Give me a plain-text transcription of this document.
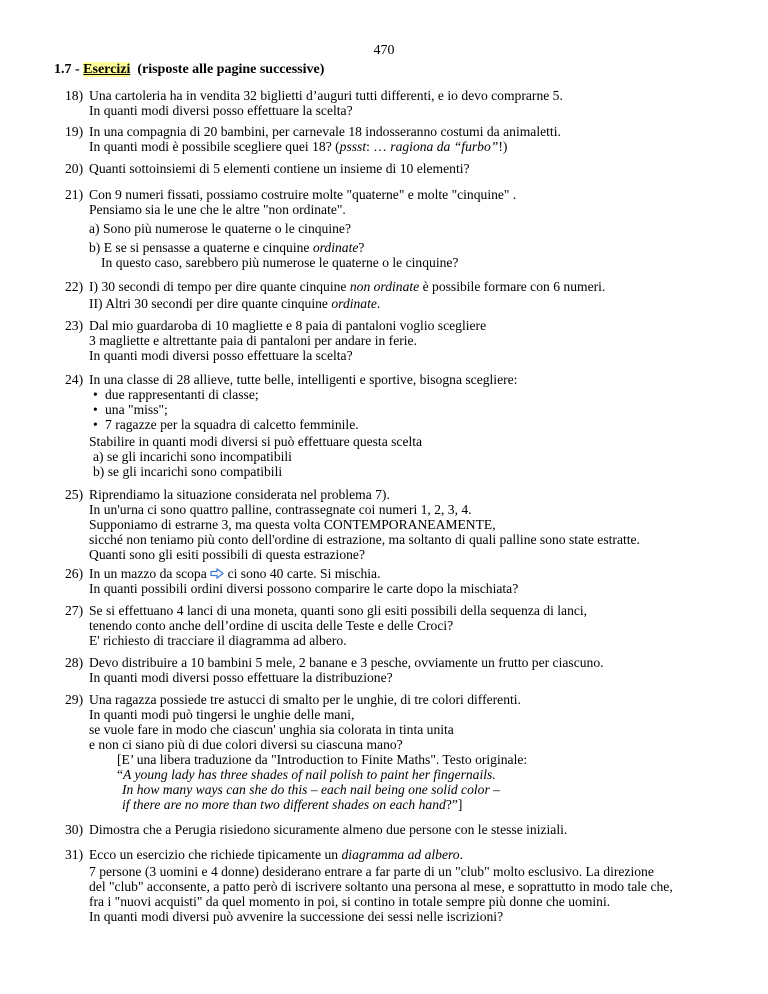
470
1.7 - Esercizi  (risposte alle pagine successive)
18) Una cartoleria ha in vendita 32 biglietti d’auguri tutti differenti, e io devo comprarne 5.
In quanti modi diversi posso effettuare la scelta?
19) In una compagnia di 20 bambini, per carnevale 18 indosseranno costumi da animaletti.
In quanti modi è possibile scegliere quei 18? (pssst: … ragiona da “furbo”!)
20) Quanti sottoinsiemi di 5 elementi contiene un insieme di 10 elementi?
21) Con 9 numeri fissati, possiamo costruire molte "quaterne" e molte "cinquine" .
Pensiamo sia le une che le altre "non ordinate".
a) Sono più numerose le quaterne o le cinquine?
b) E se si pensasse a quaterne e cinquine ordinate?
In questo caso, sarebbero più numerose le quaterne o le cinquine?
22) I) 30 secondi di tempo per dire quante cinquine non ordinate è possibile formare con 6 numeri.
II) Altri 30 secondi per dire quante cinquine ordinate.
23) Dal mio guardaroba di 10 magliette e 8 paia di pantaloni voglio scegliere
3 magliette e altrettante paia di pantaloni per andare in ferie.
In quanti modi diversi posso effettuare la scelta?
24) In una classe di 28 allieve, tutte belle, intelligenti e sportive, bisogna scegliere:
• due rappresentanti di classe;
• una "miss";
• 7 ragazze per la squadra di calcetto femminile.
Stabilire in quanti modi diversi si può effettuare questa scelta
a) se gli incarichi sono incompatibili
b) se gli incarichi sono compatibili
25) Riprendiamo la situazione considerata nel problema 7).
In un'urna ci sono quattro palline, contrassegnate coi numeri 1, 2, 3, 4.
Supponiamo di estrarne 3, ma questa volta CONTEMPORANEAMENTE,
sicché non teniamo più conto dell'ordine di estrazione, ma soltanto di quali palline sono state estratte.
Quanti sono gli esiti possibili di questa estrazione?
26) In un mazzo da scopa  ci sono 40 carte. Si mischia.
In quanti possibili ordini diversi possono comparire le carte dopo la mischiata?
27) Se si effettuano 4 lanci di una moneta, quanti sono gli esiti possibili della sequenza di lanci,
tenendo conto anche dell’ordine di uscita delle Teste e delle Croci?
E' richiesto di tracciare il diagramma ad albero.
28) Devo distribuire a 10 bambini 5 mele, 2 banane e 3 pesche, ovviamente un frutto per ciascuno.
In quanti modi diversi posso effettuare la distribuzione?
29) Una ragazza possiede tre astucci di smalto per le unghie, di tre colori differenti.
In quanti modi può tingersi le unghie delle mani,
se vuole fare in modo che ciascun' unghia sia colorata in tinta unita
e non ci siano più di due colori diversi su ciascuna mano?
[E’ una libera traduzione da "Introduction to Finite Maths". Testo originale:
“A young lady has three shades of nail polish to paint her fingernails.
In how many ways can she do this – each nail being one solid color –
if there are no more than two different shades on each hand?”]
30) Dimostra che a Perugia risiedono sicuramente almeno due persone con le stesse iniziali.
31) Ecco un esercizio che richiede tipicamente un diagramma ad albero.
7 persone (3 uomini e 4 donne) desiderano entrare a far parte di un "club" molto esclusivo. La direzione
del "club" acconsente, a patto però di iscrivere soltanto una persona al mese, e soprattutto in modo tale che,
fra i "nuovi acquisti" da quel momento in poi, si contino in totale sempre più donne che uomini.
In quanti modi diversi può avvenire la successione dei sessi nelle iscrizioni?
